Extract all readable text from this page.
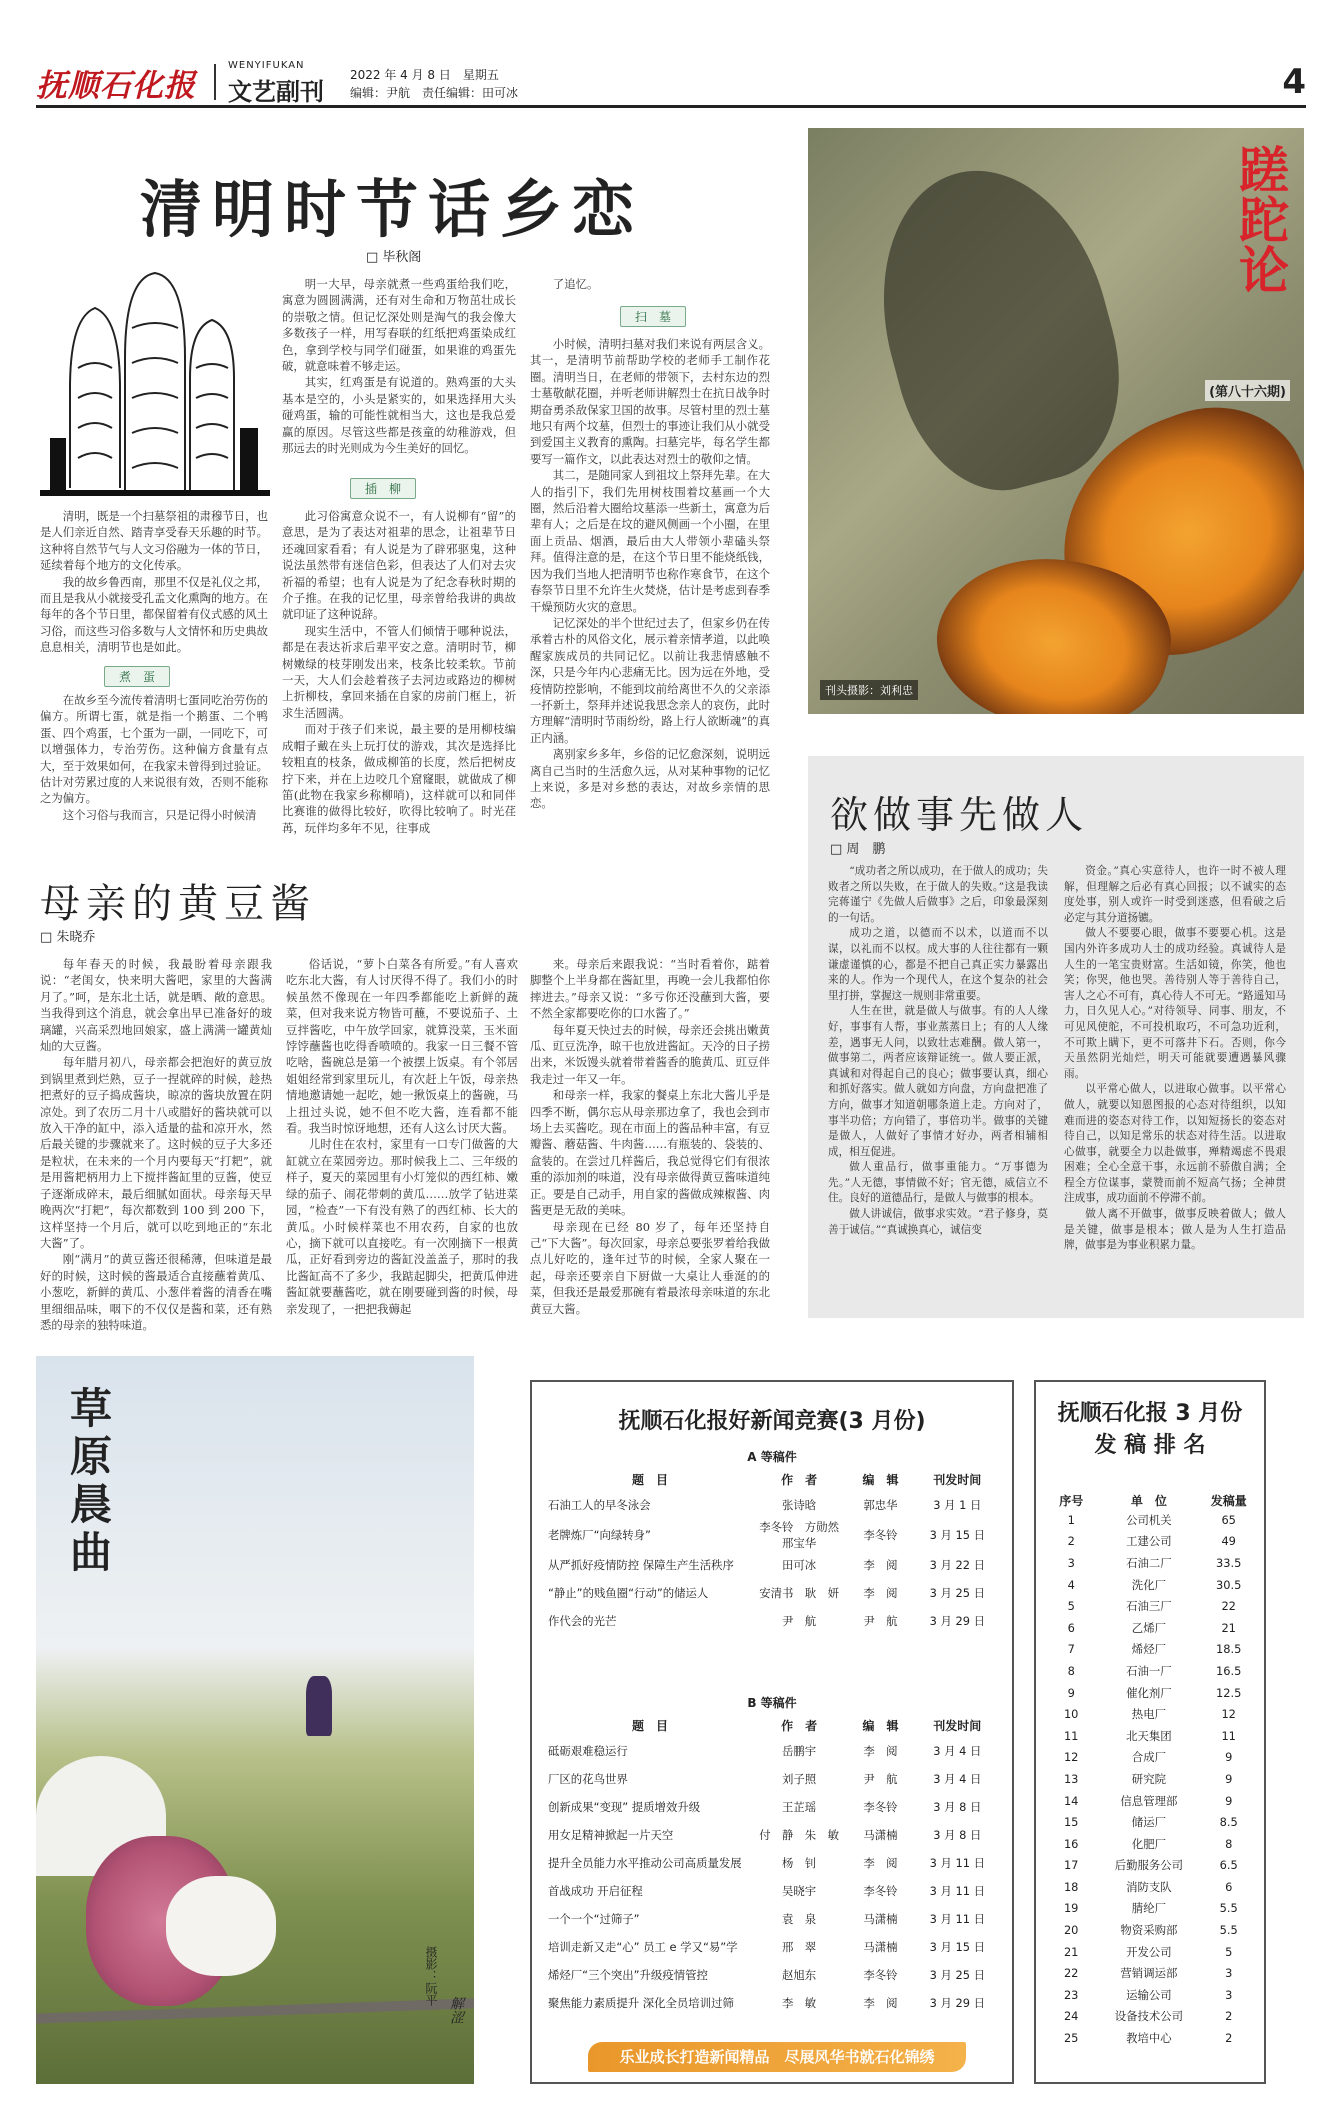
抚顺石化报
WENYIFUKAN
文艺副刊
2022 年 4 月 8 日　星期五
编辑：尹航　责任编辑：田可冰	4
清明时节话乡恋
□ 毕秋阁

清明，既是一个扫墓祭祖的肃穆节日，也是人们亲近自然、踏青享受春天乐趣的时节。这种将自然节气与人文习俗融为一体的节日，延续着每个地方的文化传承。

我的故乡鲁西南，那里不仅是礼仪之邦，而且是我从小就接受孔孟文化熏陶的地方。在每年的各个节日里，都保留着有仪式感的风土习俗，而这些习俗多数与人文情怀和历史典故息息相关，清明节也是如此。

煮　蛋

在故乡至今流传着清明七蛋同吃治劳伤的偏方。所谓七蛋，就是指一个鹅蛋、二个鸭蛋、四个鸡蛋，七个蛋为一副，一同吃下，可以增强体力，专治劳伤。这种偏方食量有点大，至于效果如何，在我家未曾得到过验证。估计对劳累过度的人来说很有效，否则不能称之为偏方。

这个习俗与我而言，只是记得小时候清

明一大早，母亲就煮一些鸡蛋给我们吃，寓意为圆圆满满，还有对生命和万物茁壮成长的崇敬之情。但记忆深处则是淘气的我会像大多数孩子一样，用写春联的红纸把鸡蛋染成红色，拿到学校与同学们碰蛋，如果谁的鸡蛋先破，就意味着不够走运。

其实，红鸡蛋是有说道的。熟鸡蛋的大头基本是空的，小头是紧实的，如果选择用大头碰鸡蛋，输的可能性就相当大，这也是我总爱赢的原因。尽管这些都是孩童的幼稚游戏，但那远去的时光则成为今生美好的回忆。

插　柳

此习俗寓意众说不一，有人说柳有“留”的意思，是为了表达对祖辈的思念，让祖辈节日还魂回家看看；有人说是为了辟邪驱鬼，这种说法虽然带有迷信色彩，但表达了人们对去灾祈福的希望；也有人说是为了纪念春秋时期的介子推。在我的记忆里，母亲曾给我讲的典故就印证了这种说辞。

现实生活中，不管人们倾情于哪种说法，都是在表达祈求后辈平安之意。清明时节，柳树嫩绿的枝芽刚发出来，枝条比较柔软。节前一天，大人们会趁着孩子去河边或路边的柳树上折柳枝，拿回来插在自家的房前门框上，祈求生活圆满。

而对于孩子们来说，最主要的是用柳枝编成帽子戴在头上玩打仗的游戏，其次是选择比较粗直的枝条，做成柳笛的长度，然后把树皮拧下来，并在上边咬几个窟窿眼，就做成了柳笛(此物在我家乡称柳哨)，这样就可以和同伴比赛谁的做得比较好，吹得比较响了。时光荏苒，玩伴均多年不见，往事成

了追忆。

扫　墓

小时候，清明扫墓对我们来说有两层含义。其一，是清明节前帮助学校的老师手工制作花圈。清明当日，在老师的带领下，去村东边的烈士墓敬献花圈，并听老师讲解烈士在抗日战争时期奋勇杀敌保家卫国的故事。尽管村里的烈士墓地只有两个坟墓，但烈士的事迹让我们从小就受到爱国主义教育的熏陶。扫墓完毕，每名学生都要写一篇作文，以此表达对烈士的敬仰之情。

其二，是随同家人到祖坟上祭拜先辈。在大人的指引下，我们先用树枝围着坟墓画一个大圈，然后沿着大圈给坟墓添一些新土，寓意为后辈有人；之后是在坟的避风侧画一个小圈，在里面上贡品、烟酒，最后由大人带领小辈磕头祭拜。值得注意的是，在这个节日里不能烧纸钱，因为我们当地人把清明节也称作寒食节，在这个春祭节日里不允许生火焚烧，估计是考虑到春季干燥预防火灾的意思。

记忆深处的半个世纪过去了，但家乡仍在传承着古朴的风俗文化，展示着亲情孝道，以此唤醒家族成员的共同记忆。以前让我悲情感触不深，只是今年内心悲痛无比。因为远在外地，受疫情防控影响，不能到坟前给离世不久的父亲添一抔新土，祭拜并述说我思念亲人的哀伤，此时方理解“清明时节雨纷纷，路上行人欲断魂”的真正内涵。

离别家乡多年，乡俗的记忆愈深刻，说明远离自己当时的生活愈久远，从对某种事物的记忆上来说，多是对乡愁的表达，对故乡亲情的思恋。

母亲的黄豆酱
□ 朱晓乔

每年春天的时候，我最盼着母亲跟我说：“老闺女，快来明大酱吧，家里的大酱满月了。”呵，是东北土话，就是晒、敞的意思。当我得到这个消息，就会拿出早已准备好的玻璃罐，兴高采烈地回娘家，盛上满满一罐黄灿灿的大豆酱。

每年腊月初八，母亲都会把泡好的黄豆放到锅里煮到烂熟，豆子一捏就碎的时候，趁热把煮好的豆子捣成酱块，晾凉的酱块放置在阴凉处。到了农历二月十八或腊好的酱块就可以放入干净的缸中，添入适量的盐和凉开水，然后最关键的步骤就来了。这时候的豆子大多还是粒状，在未来的一个月内要每天“打耙”，就是用酱耙柄用力上下搅拌酱缸里的豆酱，使豆子逐渐成碎末，最后细腻如面状。母亲每天早晚两次“打耙”，每次都数到 100 到 200 下，这样坚持一个月后，就可以吃到地正的“东北大酱”了。

刚“满月”的黄豆酱还很稀薄，但味道是最好的时候，这时候的酱最适合直接蘸着黄瓜、小葱吃，新鲜的黄瓜、小葱伴着酱的清香在嘴里细细品味，咽下的不仅仅是酱和菜，还有熟悉的母亲的独特味道。

俗话说，“萝卜白菜各有所爱。”有人喜欢吃东北大酱，有人讨厌得不得了。我们小的时候虽然不像现在一年四季都能吃上新鲜的蔬菜，但对我来说方物皆可蘸，不要说茄子、土豆拌酱吃，中午放学回家，就算没菜，玉米面饽饽蘸酱也吃得香喷喷的。我家一日三餐不管吃啥，酱碗总是第一个被摆上饭桌。有个邻居姐姐经常到家里玩儿，有次赶上午饭，母亲热情地邀请她一起吃，她一揪饭桌上的酱碗，马上扭过头说，她不但不吃大酱，连看都不能看。我当时惊讶地想，还有人这么讨厌大酱。

儿时住在农村，家里有一口专门做酱的大缸就立在菜园旁边。那时候我上二、三年级的样子，夏天的菜园里有小灯笼似的西红柿、嫩绿的茄子、闹花带刺的黄瓜……放学了钻进菜园，“检查”一下有没有熟了的西红柿、长大的黄瓜。小时候样菜也不用农药，自家的也放心，摘下就可以直接吃。有一次刚摘下一根黄瓜，正好看到旁边的酱缸没盖盖子，那时的我比酱缸高不了多少，我踮起脚尖，把黄瓜伸进酱缸就要蘸酱吃，就在刚要碰到酱的时候，母亲发现了，一把把我薅起

来。母亲后来跟我说：“当时看着你，踮着脚整个上半身都在酱缸里，再晚一会儿我都怕你摔进去。”母亲又说：“多亏你还没蘸到大酱，要不然全家都要吃你的口水酱了。”

每年夏天快过去的时候，母亲还会挑出嫩黄瓜、豇豆洗净，晾干也放进酱缸。天冷的日子捞出来，米饭馒头就着带着酱香的脆黄瓜、豇豆伴我走过一年又一年。

和母亲一样，我家的餐桌上东北大酱儿乎是四季不断，偶尔忘从母亲那边拿了，我也会到市场上去买酱吃。现在市面上的酱品种丰富，有豆瓣酱、蘑菇酱、牛肉酱……有瓶装的、袋装的、盒装的。在尝过几样酱后，我总觉得它们有很浓重的添加剂的味道，没有母亲做得黄豆酱味道纯正。要是自己动手，用自家的酱做成辣椒酱、肉酱更是无敌的美味。

母亲现在已经 80 岁了，每年还坚持自己“下大酱”。每次回家，母亲总要张罗着给我做点儿好吃的，逢年过节的时候，全家人聚在一起，母亲还要亲自下厨做一大桌让人垂涎的的菜，但我还是最爱那碗有着最浓母亲味道的东北黄豆大酱。

蹉跎论
(第八十六期)
刊头摄影：刘利忠
欲做事先做人
□ 周　鹏

“成功者之所以成功，在于做人的成功；失败者之所以失败，在于做人的失败。”这是我读完蒋谨宁《先做人后做事》之后，印象最深刻的一句话。

成功之道，以德而不以术，以道而不以谋，以礼而不以权。成大事的人往往都有一颗谦虚谨慎的心，都是不把自己真正实力暴露出来的人。作为一个现代人，在这个复杂的社会里打拼，掌握这一规则非常重要。

人生在世，就是做人与做事。有的人人缘好，事事有人帮，事业蒸蒸日上；有的人人缘差，遇事无人问，以致壮志难酬。做人第一，做事第二，两者应该辩证统一。做人要正派，真诚和对得起自己的良心；做事要认真，细心和抓好落实。做人就如方向盘，方向盘把准了方向，做事才知道朝哪条道上走。方向对了，事半功倍；方向错了，事倍功半。做事的关键是做人，人做好了事情才好办，两者相辅相成，相互促进。

做人重品行，做事重能力。“万事德为先。”人无德，事情做不好；官无德，威信立不住。良好的道德品行，是做人与做事的根本。

做人讲诚信，做事求实效。“君子修身，莫善于诚信。”“真诚换真心，诚信变

资金。”真心实意待人，也许一时不被人理解，但理解之后必有真心回报；以不诚实的态度处事，别人或许一时受到迷惑，但看破之后必定与其分道扬镳。

做人不要要心眼，做事不要要心机。这是国内外许多成功人士的成功经验。真诚待人是人生的一笔宝贵财富。生活如镜，你笑，他也笑；你哭，他也哭。善待别人等于善待自己，害人之心不可有，真心待人不可无。“路遥知马力，日久见人心。”对待领导、同事、朋友，不可见风使舵，不可投机取巧，不可急功近利，不可欺上瞒下，更不可落井下石。否则，你今天虽然阴光灿烂，明天可能就要遭遇暴风骤雨。

以平常心做人，以进取心做事。以平常心做人，就要以知恩图报的心态对待组织，以知难而进的姿态对待工作，以知短扬长的姿态对待自己，以知足常乐的状态对待生活。以进取心做事，就要全力以赴做事，殚精竭虑不畏艰困难；全心全意干事，永远前不骄傲自满；全程全方位谋事，蒙赞而前不短高气扬；全神贯注成事，成功面前不停滞不前。

做人离不开做事，做事反映着做人；做人是关键，做事是根本；做人是为人生打造品牌，做事是为事业积累力量。

草原晨曲
摄影：阮平
解涩
抚顺石化报好新闻竞赛(3 月份)
A 等稿件
题　目	作　者	编　辑	刊发时间
石油工人的早冬泳会	张诗晗	郭忠华	3 月 1 日
老牌炼厂“向绿转身”	李冬铃　方勋然
邢宝华	李冬铃	3 月 15 日
从严抓好疫情防控 保障生产生活秩序	田可冰	李　阅	3 月 22 日
“静止”的贱鱼圈“行动”的储运人	安清书　耿　妍	李　阅	3 月 25 日
作代会的光芒	尹　航	尹　航	3 月 29 日
B 等稿件
题　目	作　者	编　辑	刊发时间
砥砺艰难稳运行	岳鹏宇	李　阅	3 月 4 日
厂区的花鸟世界	刘子照	尹　航	3 月 4 日
创新成果“变现” 提质增效升级	王芷瑶	李冬铃	3 月 8 日
用女足精神掀起一片天空	付　静　朱　敏	马潇楠	3 月 8 日
提升全员能力水平推动公司高质量发展	杨　钊	李　阅	3 月 11 日
首战成功 开启征程	吴晓宇	李冬铃	3 月 11 日
一个一个“过筛子”	袁　泉	马潇楠	3 月 11 日
培训走新又走“心” 员工 e 学又“易”学	邢　翠	马潇楠	3 月 15 日
烯烃厂“三个突出”升级疫情管控	赵旭东	李冬铃	3 月 25 日
聚焦能力素质提升 深化全员培训过筛	李　敏	李　阅	3 月 29 日
乐业成长打造新闻精品　尽展风华书就石化锦绣
抚顺石化报 3 月份
发 稿 排 名
序号	单　位	发稿量
1	公司机关	65
2	工建公司	49
3	石油二厂	33.5
4	洗化厂	30.5
5	石油三厂	22
6	乙烯厂	21
7	烯烃厂	18.5
8	石油一厂	16.5
9	催化剂厂	12.5
10	热电厂	12
11	北天集团	11
12	合成厂	9
13	研究院	9
14	信息管理部	9
15	储运厂	8.5
16	化肥厂	8
17	后勤服务公司	6.5
18	消防支队	6
19	腈纶厂	5.5
20	物资采购部	5.5
21	开发公司	5
22	营销调运部	3
23	运输公司	3
24	设备技术公司	2
25	教培中心	2
